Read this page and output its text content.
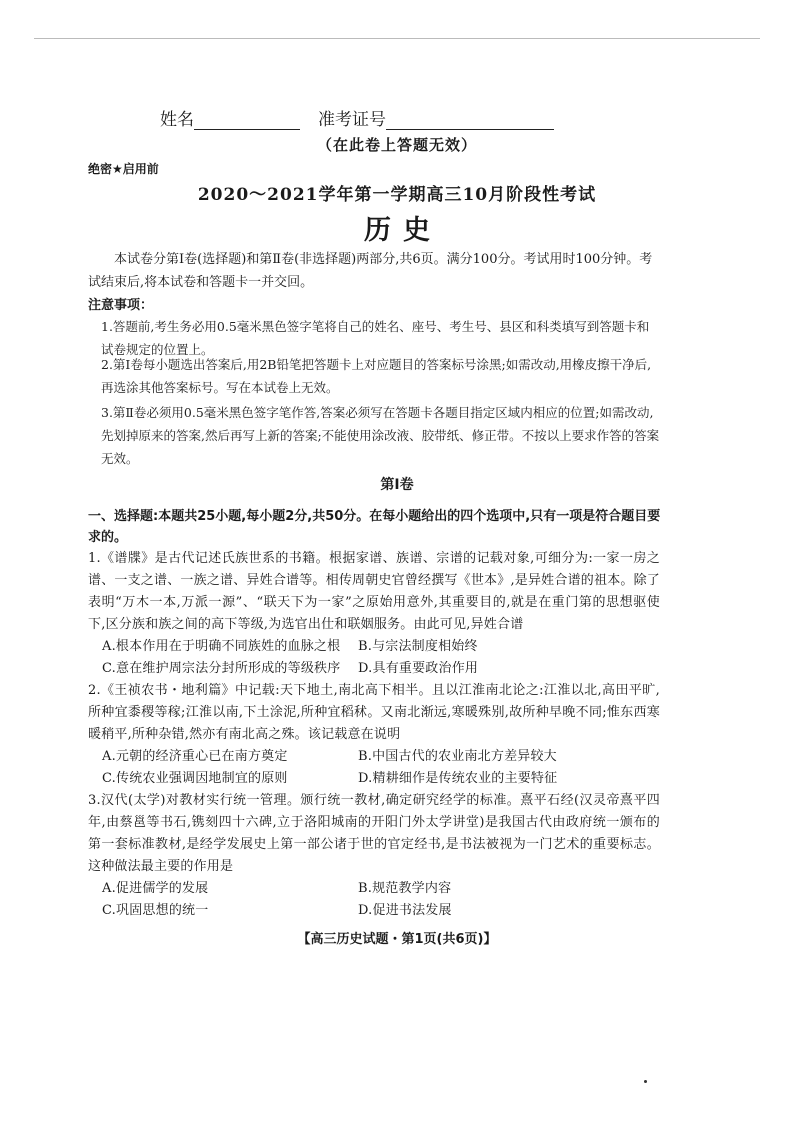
姓名	准考证号
（在此卷上答题无效）
绝密★启用前
2020～2021学年第一学期高三10月阶段性考试
历史
本试卷分第Ⅰ卷(选择题)和第Ⅱ卷(非选择题)两部分,共6页。满分100分。考试用时100分钟。考试结束后,将本试卷和答题卡一并交回。
注意事项：
1.答题前,考生务必用0.5毫米黑色签字笔将自己的姓名、座号、考生号、县区和科类填写到答题卡和试卷规定的位置上。
2.第Ⅰ卷每小题选出答案后,用2B铅笔把答题卡上对应题目的答案标号涂黑;如需改动,用橡皮擦干净后,再选涂其他答案标号。写在本试卷上无效。
3.第Ⅱ卷必须用0.5毫米黑色签字笔作答,答案必须写在答题卡各题目指定区域内相应的位置;如需改动,先划掉原来的答案,然后再写上新的答案;不能使用涂改液、胶带纸、修正带。不按以上要求作答的答案无效。
第Ⅰ卷
一、选择题:本题共25小题,每小题2分,共50分。在每小题给出的四个选项中,只有一项是符合题目要求的。
1.《谱牒》是古代记述氏族世系的书籍。根据家谱、族谱、宗谱的记载对象,可细分为:一家一房之谱、一支之谱、一族之谱、异姓合谱等。相传周朝史官曾经撰写《世本》,是异姓合谱的祖本。除了表明“万木一本,万派一源”、“联天下为一家”之原始用意外,其重要目的,就是在重门第的思想驱使下,区分族和族之间的高下等级,为选官出仕和联姻服务。由此可见,异姓合谱
A.根本作用在于明确不同族姓的血脉之根 B.与宗法制度相始终
C.意在维护周宗法分封所形成的等级秩序 D.具有重要政治作用
2.《王祯农书・地利篇》中记载:天下地土,南北高下相半。且以江淮南北论之:江淮以北,高田平旷,所种宜黍稷等稼;江淮以南,下土涂泥,所种宜稻秫。又南北渐远,寒暖殊别,故所种早晚不同;惟东西寒暖稍平,所种杂错,然亦有南北高之殊。该记载意在说明
A.元朝的经济重心已在南方奠定	B.中国古代的农业南北方差异较大
C.传统农业强调因地制宜的原则	D.精耕细作是传统农业的主要特征
3.汉代(太学)对教材实行统一管理。颁行统一教材,确定研究经学的标准。熹平石经(汉灵帝熹平四年,由蔡邕等书石,镌刻四十六碑,立于洛阳城南的开阳门外太学讲堂)是我国古代由政府统一颁布的第一套标准教材,是经学发展史上第一部公诸于世的官定经书,是书法被视为一门艺术的重要标志。这种做法最主要的作用是
A.促进儒学的发展	B.规范教学内容
C.巩固思想的统一	D.促进书法发展
【高三历史试题・第1页(共6页)】
